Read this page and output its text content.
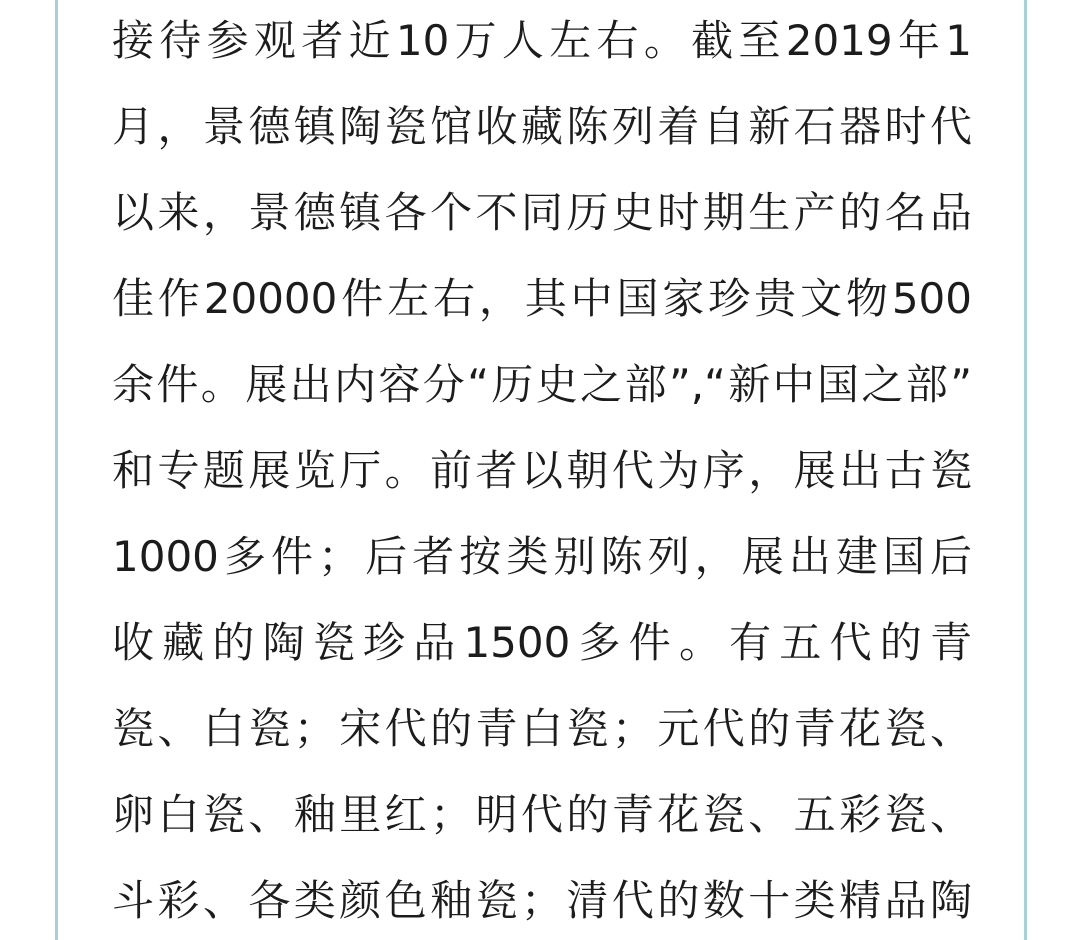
接待参观者近10万人左右。截至2019年1
月，景德镇陶瓷馆收藏陈列着自新石器时代
以来，景德镇各个不同历史时期生产的名品
佳作20000件左右，其中国家珍贵文物500
余件。展出内容分“历史之部”,“新中国之部”
和专题展览厅。前者以朝代为序，展出古瓷
1000多件；后者按类别陈列，展出建国后
收藏的陶瓷珍品1500多件。有五代的青
瓷、白瓷；宋代的青白瓷；元代的青花瓷、
卵白瓷、釉里红；明代的青花瓷、五彩瓷、
斗彩、各类颜色釉瓷；清代的数十类精品陶
